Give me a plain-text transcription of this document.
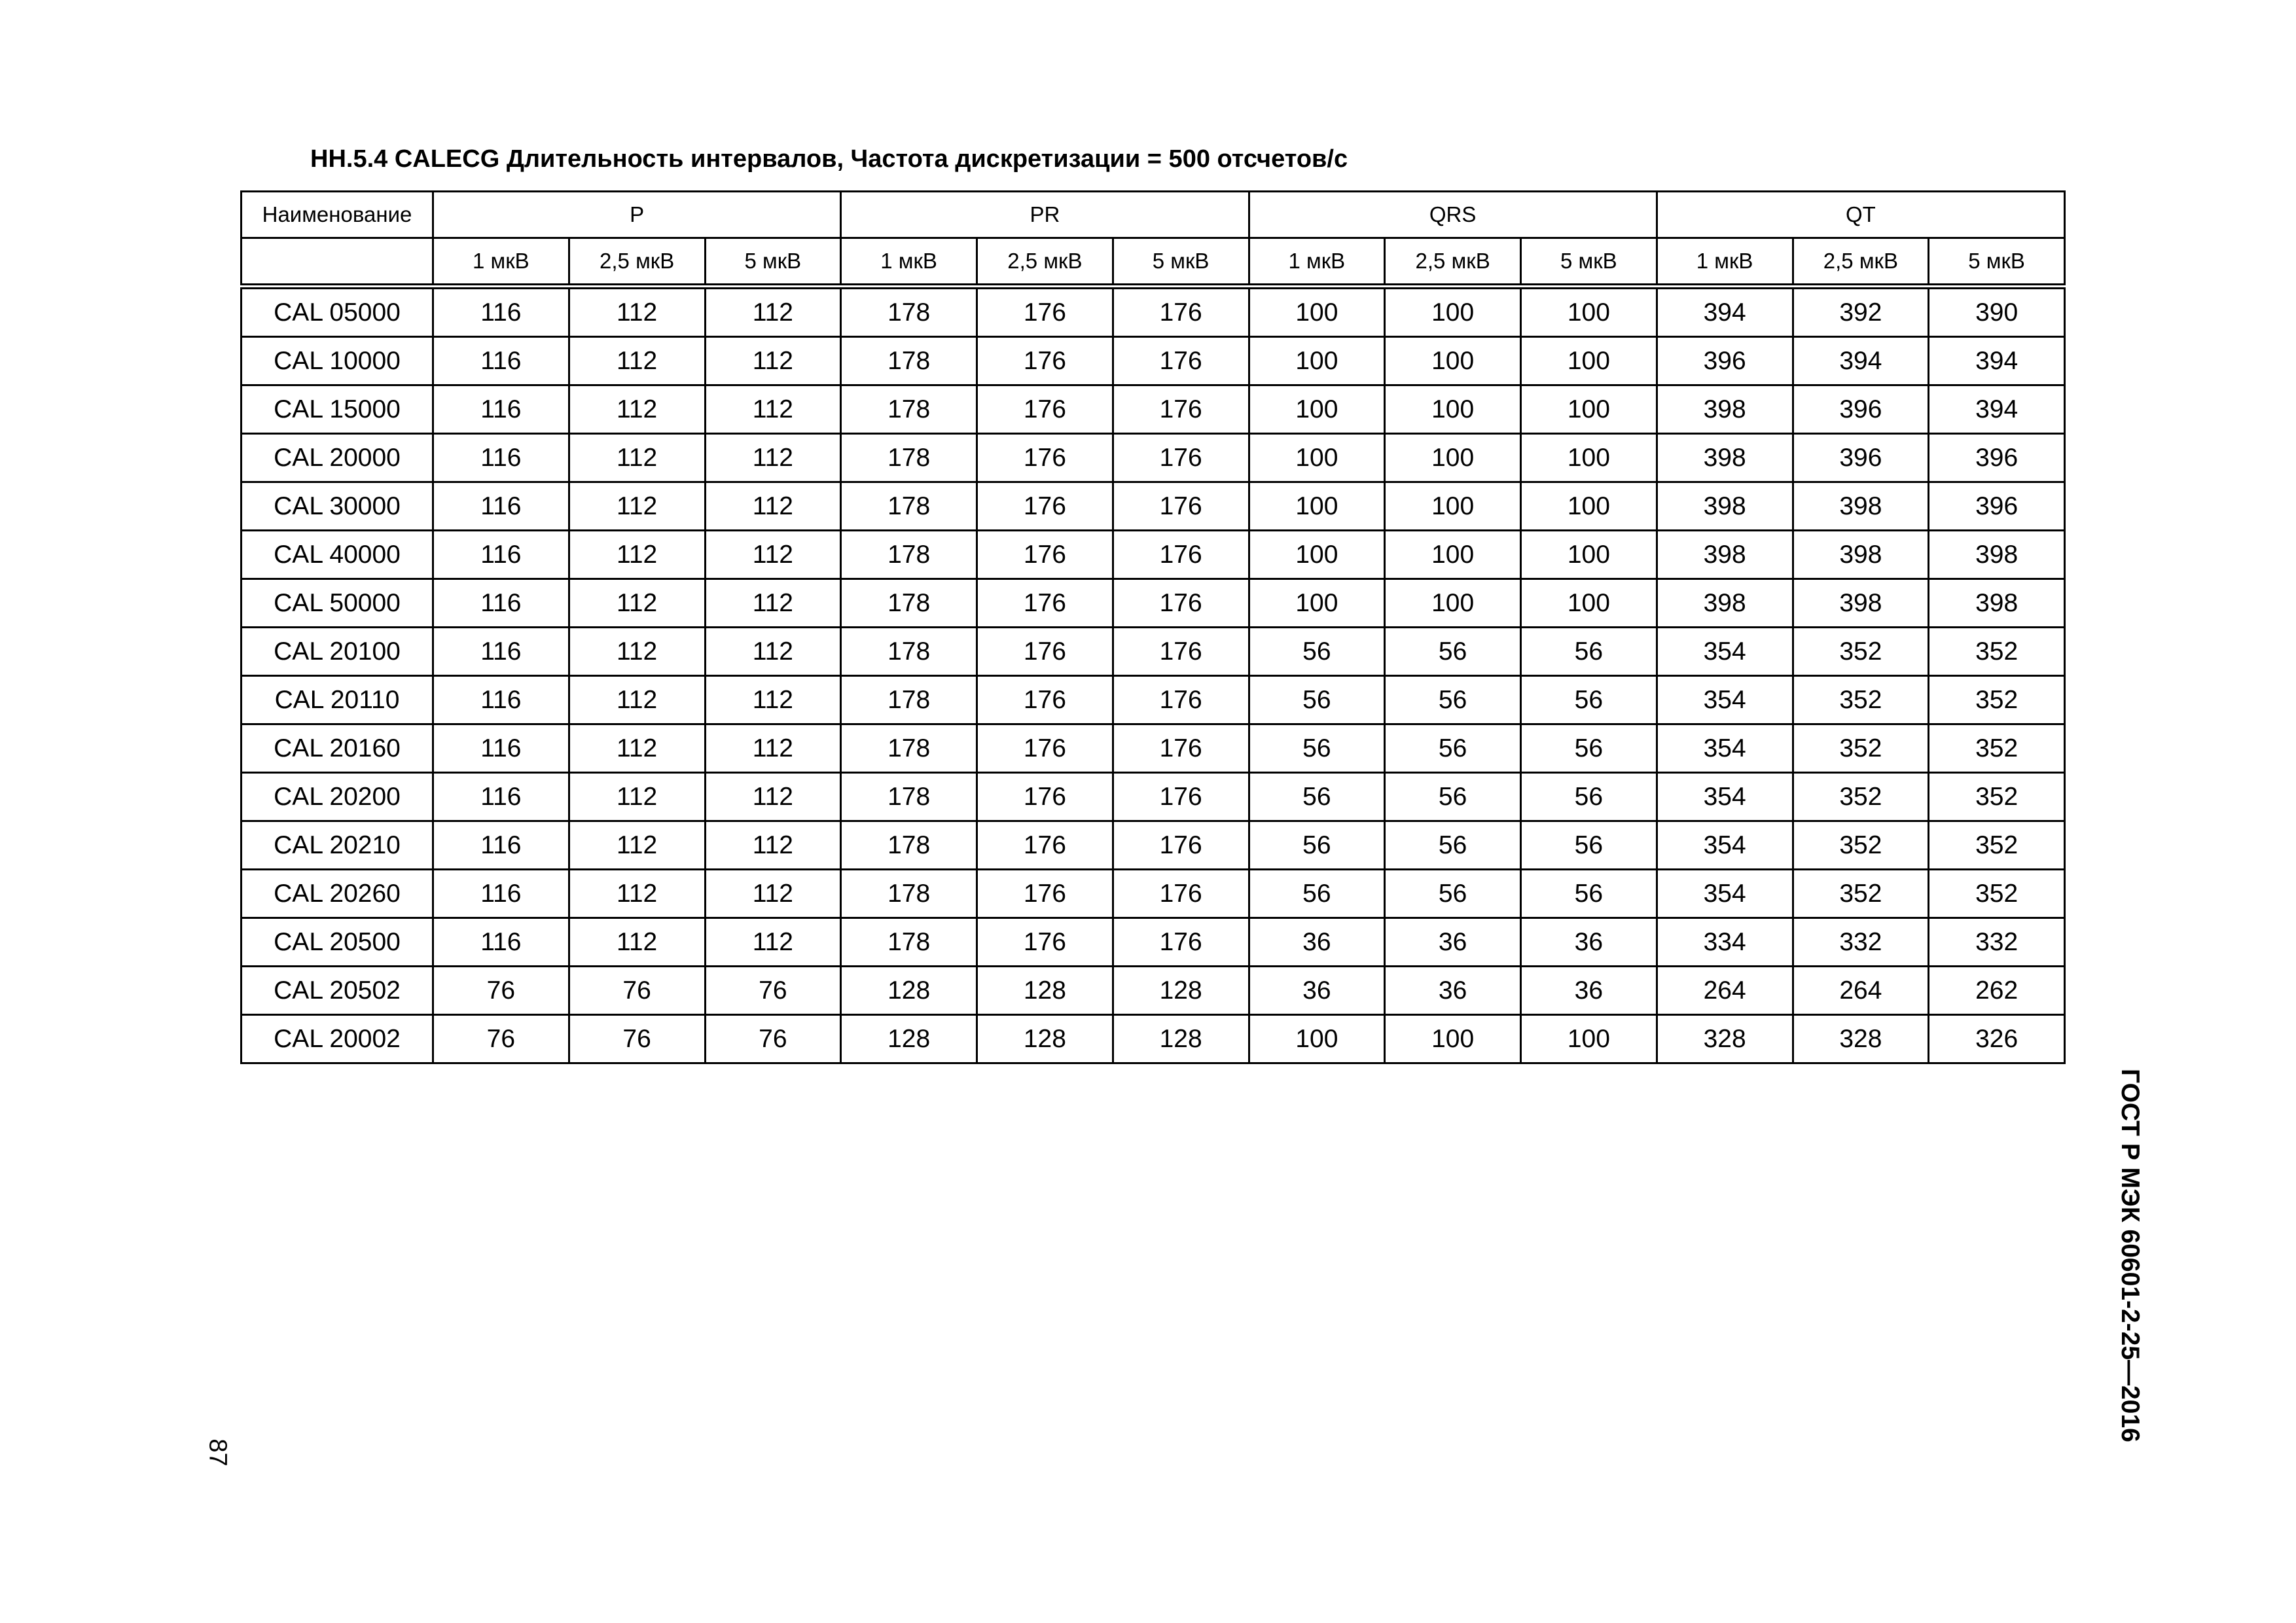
HH.5.4 CALECG Длительность интервалов, Частота дискретизации = 500 отсчетов/с
Наименование	P			PR			QRS			QT		
	1 мкВ	2,5 мкВ	5 мкВ	1 мкВ	2,5 мкВ	5 мкВ	1 мкВ	2,5 мкВ	5 мкВ	1 мкВ	2,5 мкВ	5 мкВ
CAL 05000	116	112	112	178	176	176	100	100	100	394	392	390
CAL 10000	116	112	112	178	176	176	100	100	100	396	394	394
CAL 15000	116	112	112	178	176	176	100	100	100	398	396	394
CAL 20000	116	112	112	178	176	176	100	100	100	398	396	396
CAL 30000	116	112	112	178	176	176	100	100	100	398	398	396
CAL 40000	116	112	112	178	176	176	100	100	100	398	398	398
CAL 50000	116	112	112	178	176	176	100	100	100	398	398	398
CAL 20100	116	112	112	178	176	176	56	56	56	354	352	352
CAL 20110	116	112	112	178	176	176	56	56	56	354	352	352
CAL 20160	116	112	112	178	176	176	56	56	56	354	352	352
CAL 20200	116	112	112	178	176	176	56	56	56	354	352	352
CAL 20210	116	112	112	178	176	176	56	56	56	354	352	352
CAL 20260	116	112	112	178	176	176	56	56	56	354	352	352
CAL 20500	116	112	112	178	176	176	36	36	36	334	332	332
CAL 20502	76	76	76	128	128	128	36	36	36	264	264	262
CAL 20002	76	76	76	128	128	128	100	100	100	328	328	326
ГОСТ Р МЭК 60601-2-25—2016
87
